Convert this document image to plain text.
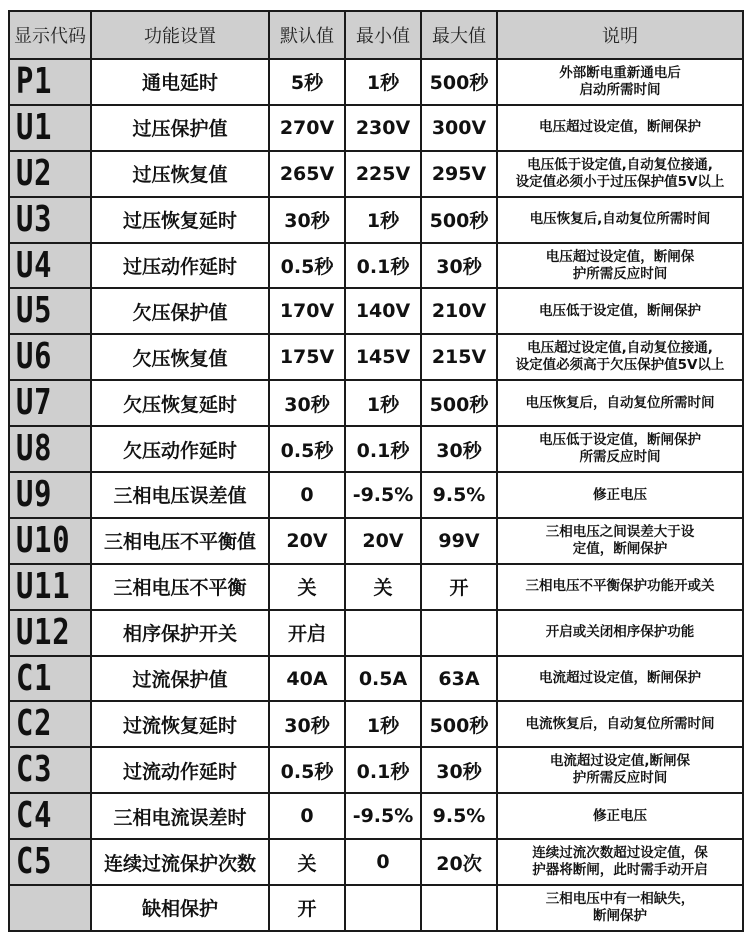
显示代码	功能设置	默认值	最小值	最大值	说明
P1	通电延时	5秒	1秒	500秒	外部断电重新通电后
启动所需时间

U1	过压保护值	270V	230V	300V	电压超过设定值，断闸保护

U2	过压恢复值	265V	225V	295V	电压低于设定值,自动复位接通,
设定值必须小于过压保护值5V以上

U3	过压恢复延时	30秒	1秒	500秒	电压恢复后,自动复位所需时间

U4	过压动作延时	0.5秒	0.1秒	30秒	电压超过设定值，断闸保
护所需反应时间

U5	欠压保护值	170V	140V	210V	电压低于设定值，断闸保护

U6	欠压恢复值	175V	145V	215V	电压超过设定值,自动复位接通,
设定值必须高于欠压保护值5V以上

U7	欠压恢复延时	30秒	1秒	500秒	电压恢复后，自动复位所需时间

U8	欠压动作延时	0.5秒	0.1秒	30秒	电压低于设定值，断闸保护
所需反应时间

U9	三相电压误差值	0	-9.5%	9.5%	修正电压

U10	三相电压不平衡值	20V	20V	99V	三相电压之间误差大于设
定值，断闸保护

U11	三相电压不平衡	关	关	开	三相电压不平衡保护功能开或关

U12	相序保护开关	开启			开启或关闭相序保护功能

C1	过流保护值	40A	0.5A	63A	电流超过设定值，断闸保护

C2	过流恢复延时	30秒	1秒	500秒	电流恢复后，自动复位所需时间

C3	过流动作延时	0.5秒	0.1秒	30秒	电流超过设定值,断闸保
护所需反应时间

C4	三相电流误差时	0	-9.5%	9.5%	修正电压

C5	连续过流保护次数	关	0	20次	连续过流次数超过设定值，保
护器将断闸，此时需手动开启

	缺相保护	开			三相电压中有一相缺失，
断闸保护
